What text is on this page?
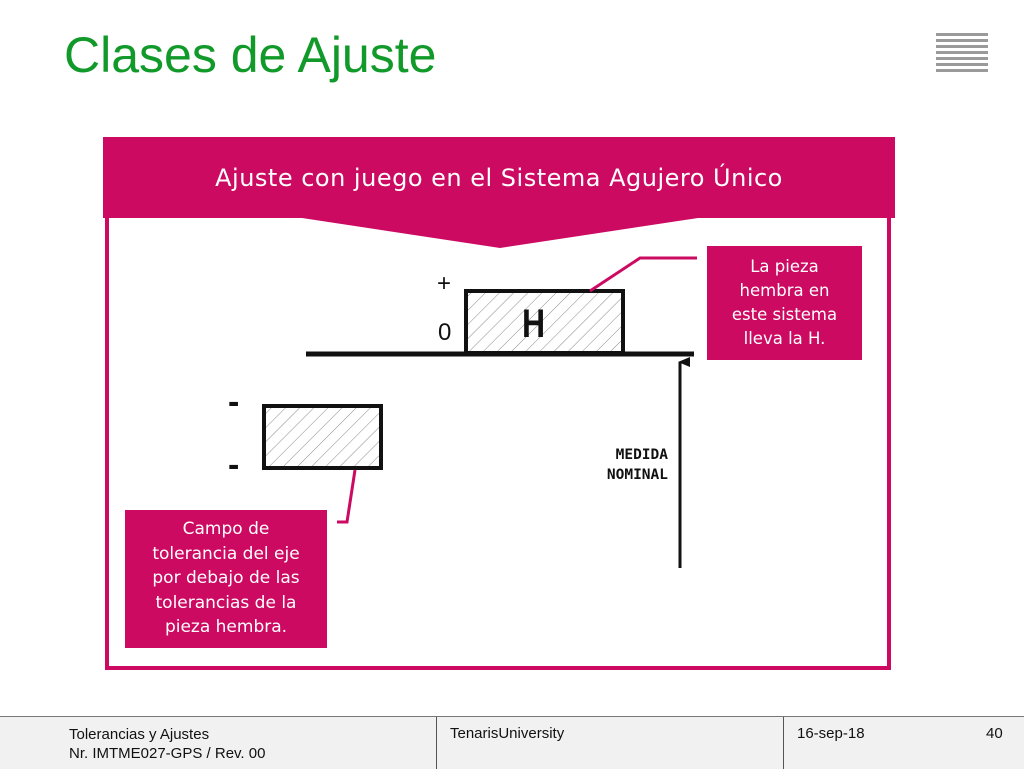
Clases de Ajuste
Ajuste con juego en el Sistema Agujero Único
+
0
-
-
H
MEDIDA
NOMINAL
La pieza
hembra en
este sistema
lleva la H.
Campo de
tolerancia del eje
por debajo de las
tolerancias de la
pieza hembra.
Tolerancias y Ajustes
Nr. IMTME027-GPS / Rev. 00
TenarisUniversity	16-sep-18	40
